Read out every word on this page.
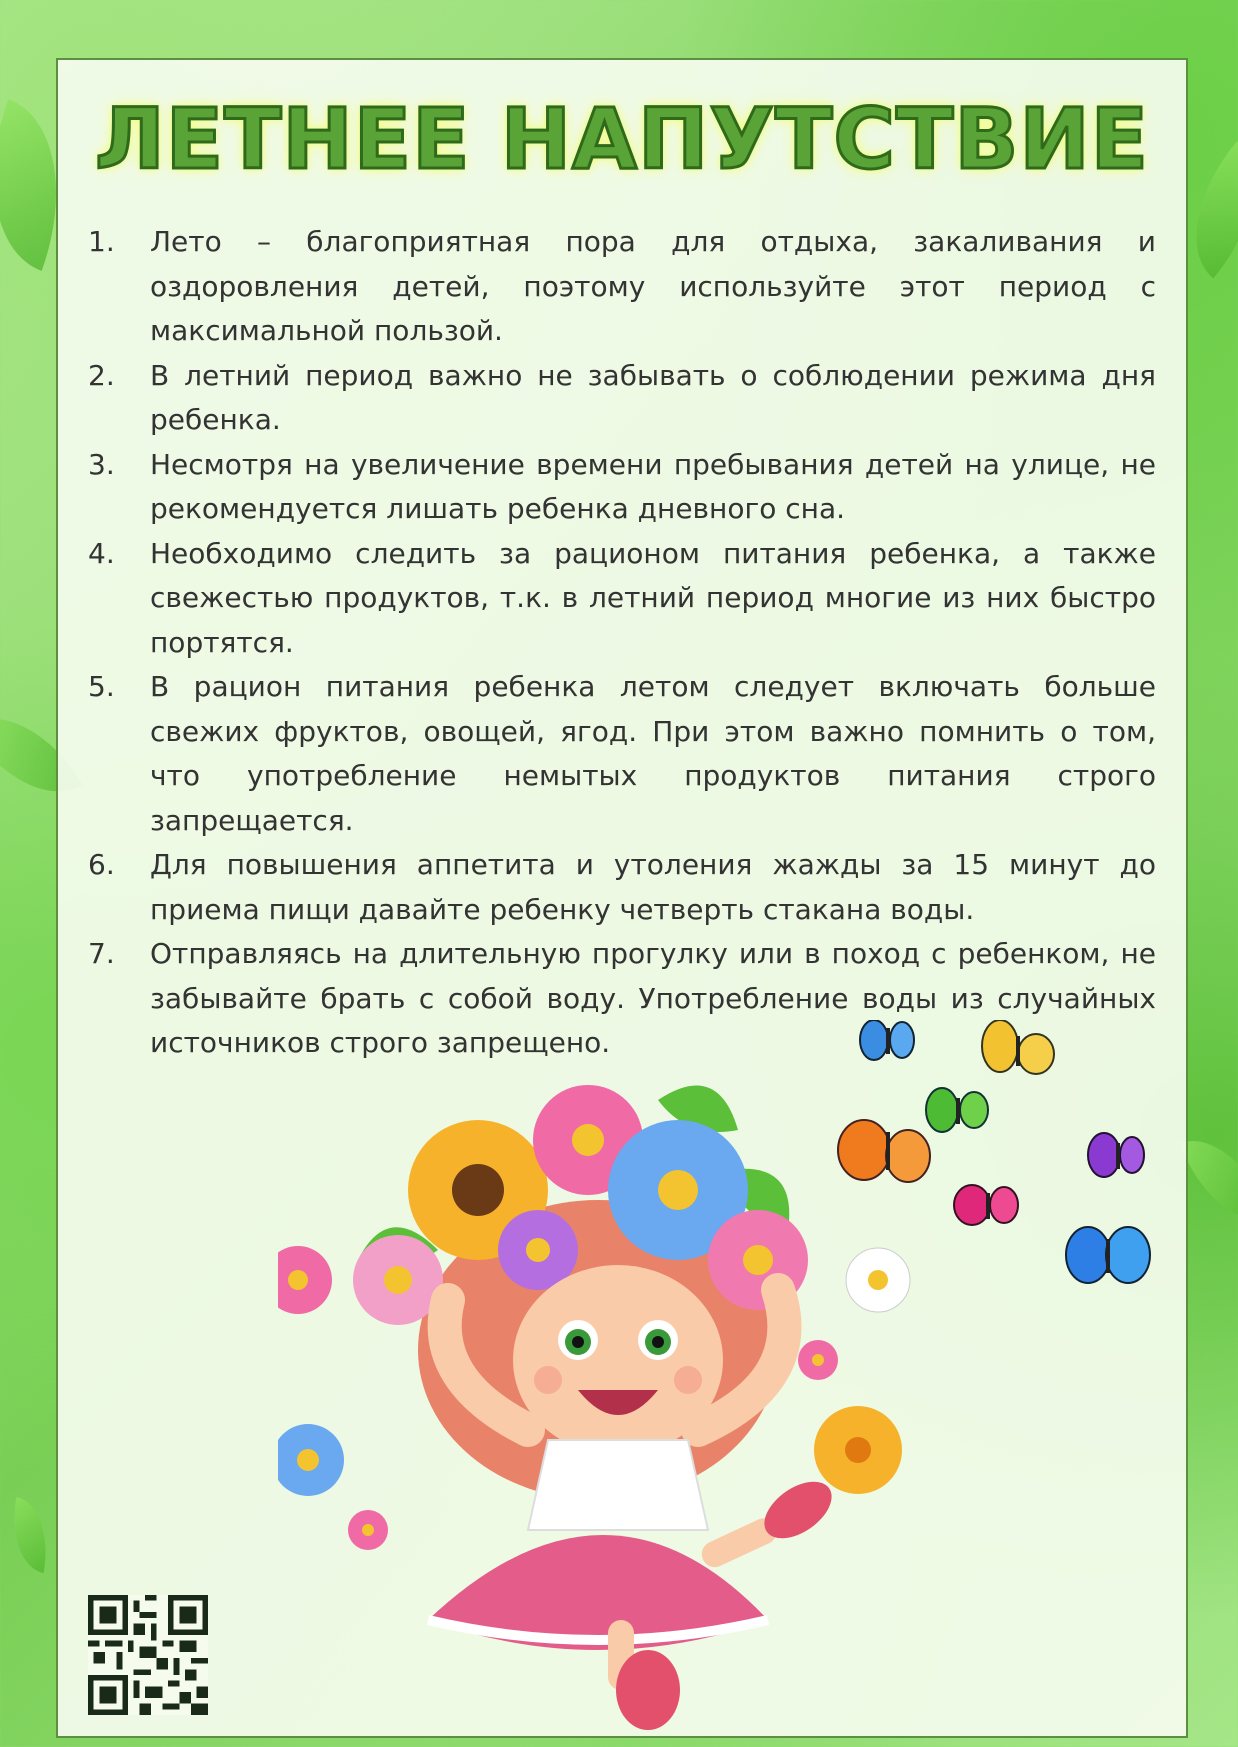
ЛЕТНЕЕ НАПУТСТВИЕ
1.	Лето – благоприятная пора для отдыха, закаливания и оздоровления детей, поэтому используйте этот период с максимальной пользой.
2.	В летний период важно не забывать о соблюдении режима дня ребенка.
3.	Несмотря на увеличение времени пребывания детей на улице, не рекомендуется лишать ребенка дневного сна.
4.	Необходимо следить за рационом питания ребенка, а также свежестью продуктов, т.к. в летний период многие из них быстро портятся.
5.	В рацион питания ребенка летом следует включать больше свежих фруктов, овощей, ягод. При этом важно помнить о том, что употребление немытых продуктов питания строго запрещается.
6.	Для повышения аппетита и утоления жажды за 15 минут до приема пищи давайте ребенку четверть стакана воды.
7.	Отправляясь на длительную прогулку или в поход с ребенком, не забывайте брать с собой воду. Употребление воды из случайных источников строго запрещено.
